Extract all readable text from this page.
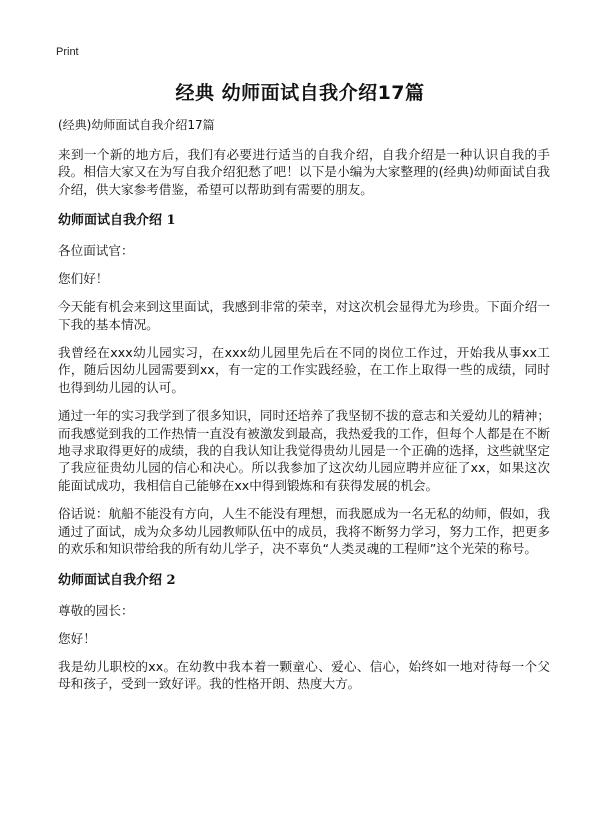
Print
经典 幼师面试自我介绍17篇
(经典)幼师面试自我介绍17篇

来到一个新的地方后，我们有必要进行适当的自我介绍，自我介绍是一种认识自我的手段。相信大家又在为写自我介绍犯愁了吧！以下是小编为大家整理的(经典)幼师面试自我介绍，供大家参考借鉴，希望可以帮助到有需要的朋友。

幼师面试自我介绍 1
各位面试官：
您们好！

今天能有机会来到这里面试，我感到非常的荣幸，对这次机会显得尤为珍贵。下面介绍一下我的基本情况。

我曾经在xxx幼儿园实习，在xxx幼儿园里先后在不同的岗位工作过，开始我从事xx工作，随后因幼儿园需要到xx，有一定的工作实践经验，在工作上取得一些的成绩，同时也得到幼儿园的认可。

通过一年的实习我学到了很多知识，同时还培养了我坚韧不拔的意志和关爱幼儿的精神；而我感觉到我的工作热情一直没有被激发到最高，我热爱我的工作，但每个人都是在不断地寻求取得更好的成绩，我的自我认知让我觉得贵幼儿园是一个正确的选择，这些就坚定了我应征贵幼儿园的信心和决心。所以我参加了这次幼儿园应聘并应征了xx，如果这次能面试成功，我相信自己能够在xx中得到锻炼和有获得发展的机会。

俗话说：航船不能没有方向，人生不能没有理想，而我愿成为一名无私的幼师，假如，我通过了面试，成为众多幼儿园教师队伍中的成员，我将不断努力学习，努力工作，把更多的欢乐和知识带给我的所有幼儿学子，决不辜负“人类灵魂的工程师”这个光荣的称号。

幼师面试自我介绍 2
尊敬的园长：
您好！

我是幼儿职校的xx。在幼教中我本着一颗童心、爱心、信心，始终如一地对待每一个父母和孩子，受到一致好评。我的性格开朗、热度大方。
